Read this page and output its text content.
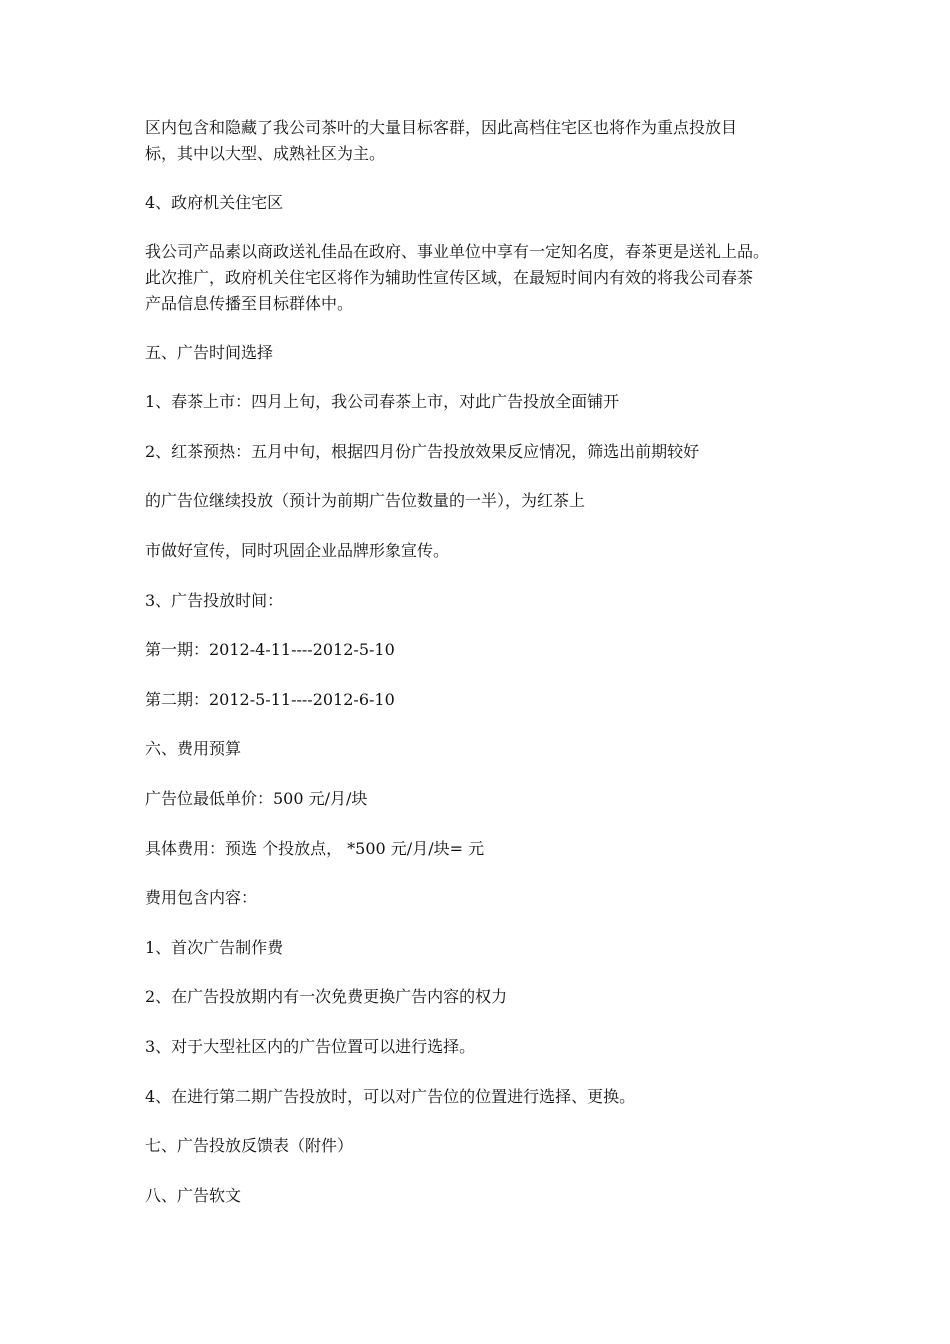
区内包含和隐藏了我公司茶叶的大量目标客群，因此高档住宅区也将作为重点投放目
标，其中以大型、成熟社区为主。
4、政府机关住宅区
我公司产品素以商政送礼佳品在政府、事业单位中享有一定知名度，春茶更是送礼上品。
此次推广，政府机关住宅区将作为辅助性宣传区域，在最短时间内有效的将我公司春茶
产品信息传播至目标群体中。
五、广告时间选择
1、春茶上市：四月上旬，我公司春茶上市，对此广告投放全面铺开
2、红茶预热：五月中旬，根据四月份广告投放效果反应情况，筛选出前期较好
的广告位继续投放（预计为前期广告位数量的一半），为红茶上
市做好宣传，同时巩固企业品牌形象宣传。
3、广告投放时间：
第一期：2012-4-11----2012-5-10
第二期：2012-5-11----2012-6-10
六、费用预算
广告位最低单价：500 元/月/块
具体费用：预选 个投放点， *500 元/月/块= 元
费用包含内容：
1、首次广告制作费
2、在广告投放期内有一次免费更换广告内容的权力
3、对于大型社区内的广告位置可以进行选择。
4、在进行第二期广告投放时，可以对广告位的位置进行选择、更换。
七、广告投放反馈表（附件）
八、广告软文
